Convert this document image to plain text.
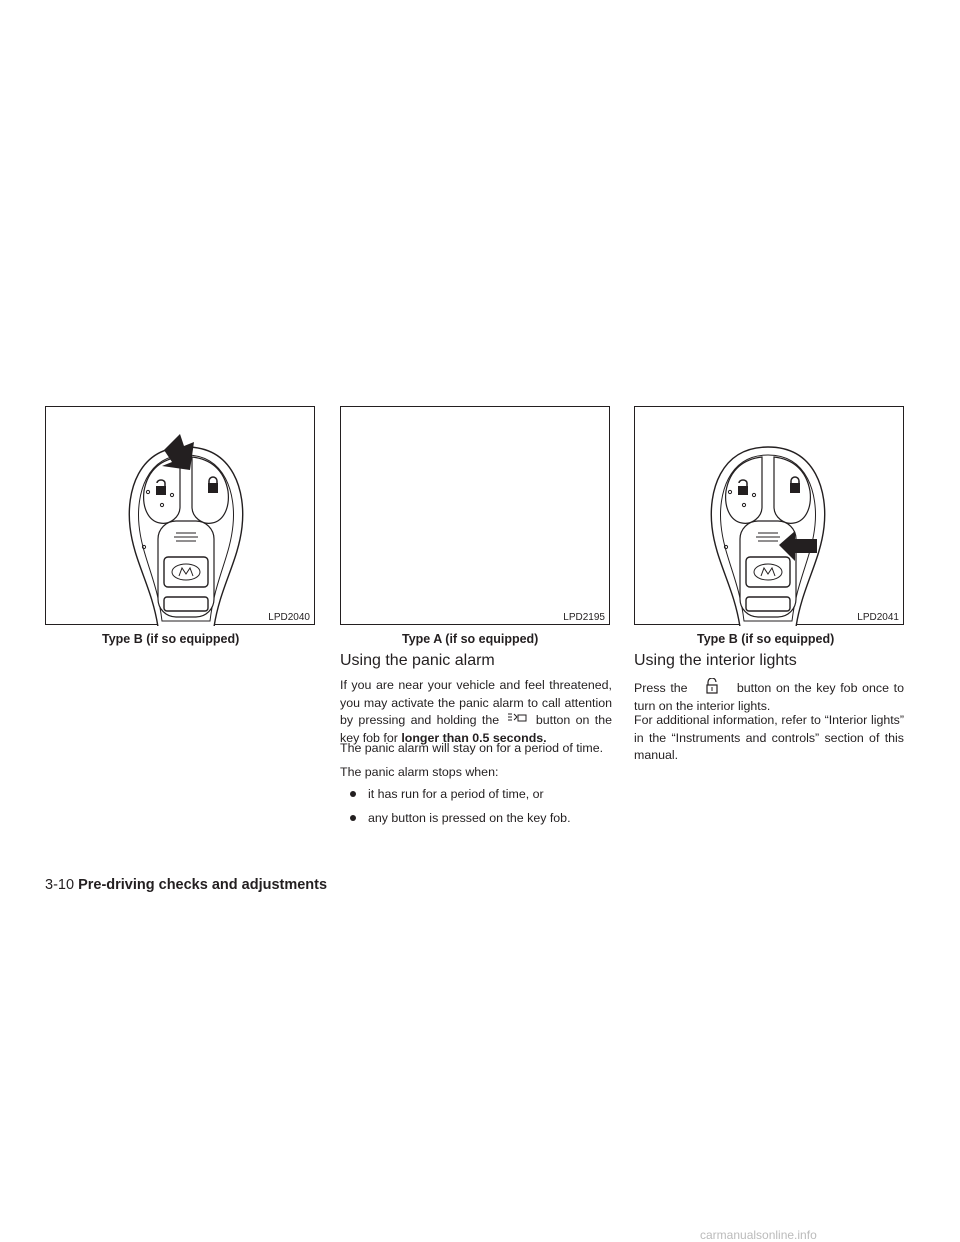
LPD2040
Type B (if so equipped)
LPD2195
Type A (if so equipped)
LPD2041
Type B (if so equipped)
Using the panic alarm

If you are near your vehicle and feel threatened, you may activate the panic alarm to call attention by pressing and holding the	button on the key fob for longer than 0.5 seconds.

The panic alarm will stay on for a period of time.

The panic alarm stops when:

it has run for a period of time, or
any button is pressed on the key fob.
Using the interior lights

Press the	button on the key fob once to turn on the interior lights.

For additional information, refer to “Interior lights” in the “Instruments and controls” section of this manual.

3-10 Pre-driving checks and adjustments
carmanualsonline.info
